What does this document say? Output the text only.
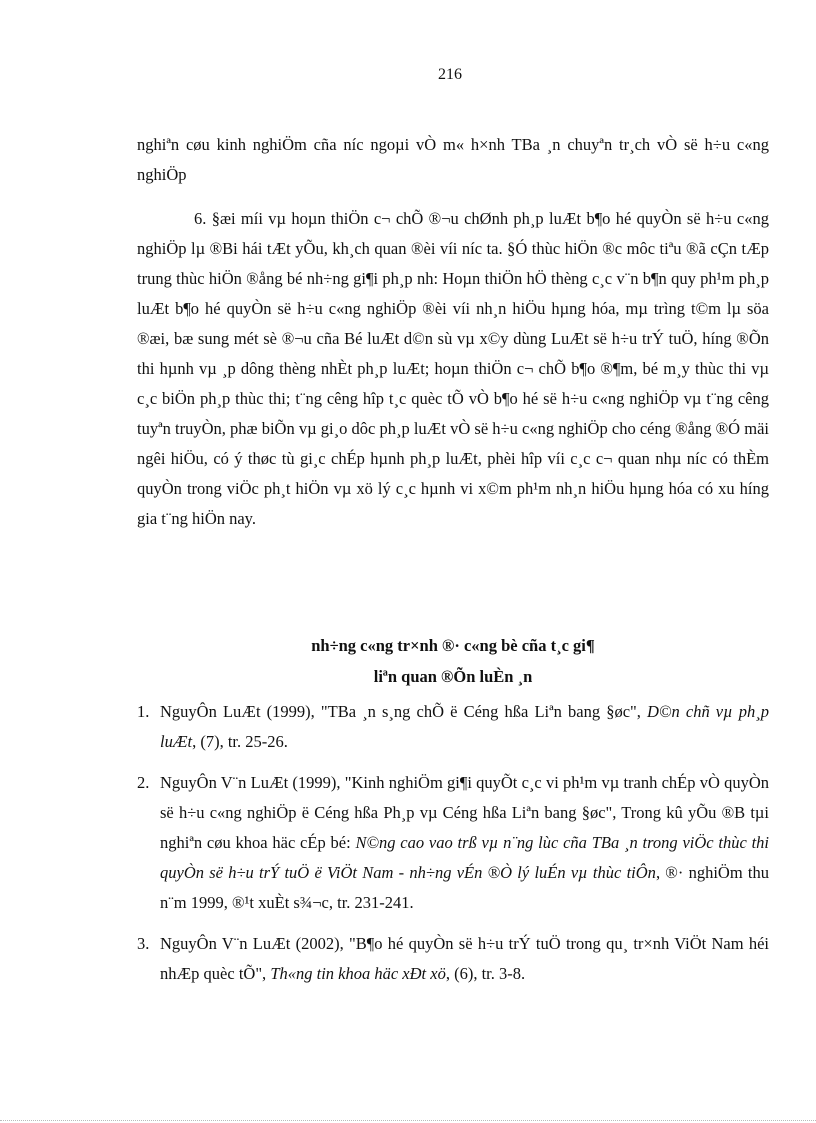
216

nghiªn cøu kinh nghiÖm cña níc ngoµi vÒ m« h×nh TBa ¸n chuyªn tr¸ch vÒ së h÷u c«ng nghiÖp

6. §æi míi vµ hoµn thiÖn c¬ chÕ ®¬u chØnh ph¸p luÆt b¶o hé quyÒn së h÷u c«ng nghiÖp lµ ®Bi hái tÆt yÕu, kh¸ch quan ®èi víi níc ta. §Ó thùc hiÖn ®c môc tiªu ®ã cÇn tÆp trung thùc hiÖn ®ång bé nh÷ng gi¶i ph¸p nh: Hoµn thiÖn hÖ thèng c¸c v¨n b¶n quy ph¹m ph¸p luÆt b¶o hé quyÒn së h÷u c«ng nghiÖp ®èi víi nh¸n hiÖu hµng hóa, mµ trìng t©m lµ söa ®æi, bæ sung mét sè ®¬u cña Bé luÆt d©n sù vµ x©y dùng LuÆt së h÷u trÝ tuÖ, híng ®Õn thi hµnh vµ ¸p dông thèng nhÈt ph¸p luÆt; hoµn thiÖn c¬ chÕ b¶o ®¶m, bé m¸y thùc thi vµ c¸c biÖn ph¸p thùc thi; t¨ng cêng hîp t¸c quèc tÕ vÒ b¶o hé së h÷u c«ng nghiÖp vµ t¨ng cêng tuyªn truyÒn, phæ biÕn vµ gi¸o dôc ph¸p luÆt vÒ së h÷u c«ng nghiÖp cho céng ®ång ®Ó mäi ngêi hiÖu, có ý thøc tù gi¸c chÉp hµnh ph¸p luÆt, phèi hîp víi c¸c c¬ quan nhµ níc có thÈm quyÒn trong viÖc ph¸t hiÖn vµ xö lý c¸c hµnh vi x©m ph¹m nh¸n hiÖu hµng hóa có xu híng gia t¨ng hiÖn nay.

nh÷ng c«ng tr×nh ®· c«ng bè cña t¸c gi¶
liªn quan ®Õn luÈn ¸n
1. NguyÔn LuÆt (1999), "TBa ¸n s¸ng chÕ ë Céng hßa Liªn bang §øc", D©n chñ vµ ph¸p luÆt, (7), tr. 25-26.
2. NguyÔn V¨n LuÆt (1999), "Kinh nghiÖm gi¶i quyÕt c¸c vi ph¹m vµ tranh chÉp vÒ quyÒn së h÷u c«ng nghiÖp ë Céng hßa Ph¸p vµ Céng hßa Liªn bang §øc", Trong kû yÕu ®B tµi nghiªn cøu khoa häc cÉp bé: N©ng cao vao trß vµ n¨ng lùc cña TBa ¸n trong viÖc thùc thi quyÒn së h÷u trÝ tuÖ ë ViÖt Nam - nh÷ng vÉn ®Ò lý luÉn vµ thùc tiÔn, ®· nghiÖm thu n¨m 1999, ®¹t xuÈt s¾¬c, tr. 231-241.
3. NguyÔn V¨n LuÆt (2002), "B¶o hé quyÒn së h÷u trÝ tuÖ trong qu¸ tr×nh ViÖt Nam héi nhÆp quèc tÕ", Th«ng tin khoa häc xÐt xö, (6), tr. 3-8.
